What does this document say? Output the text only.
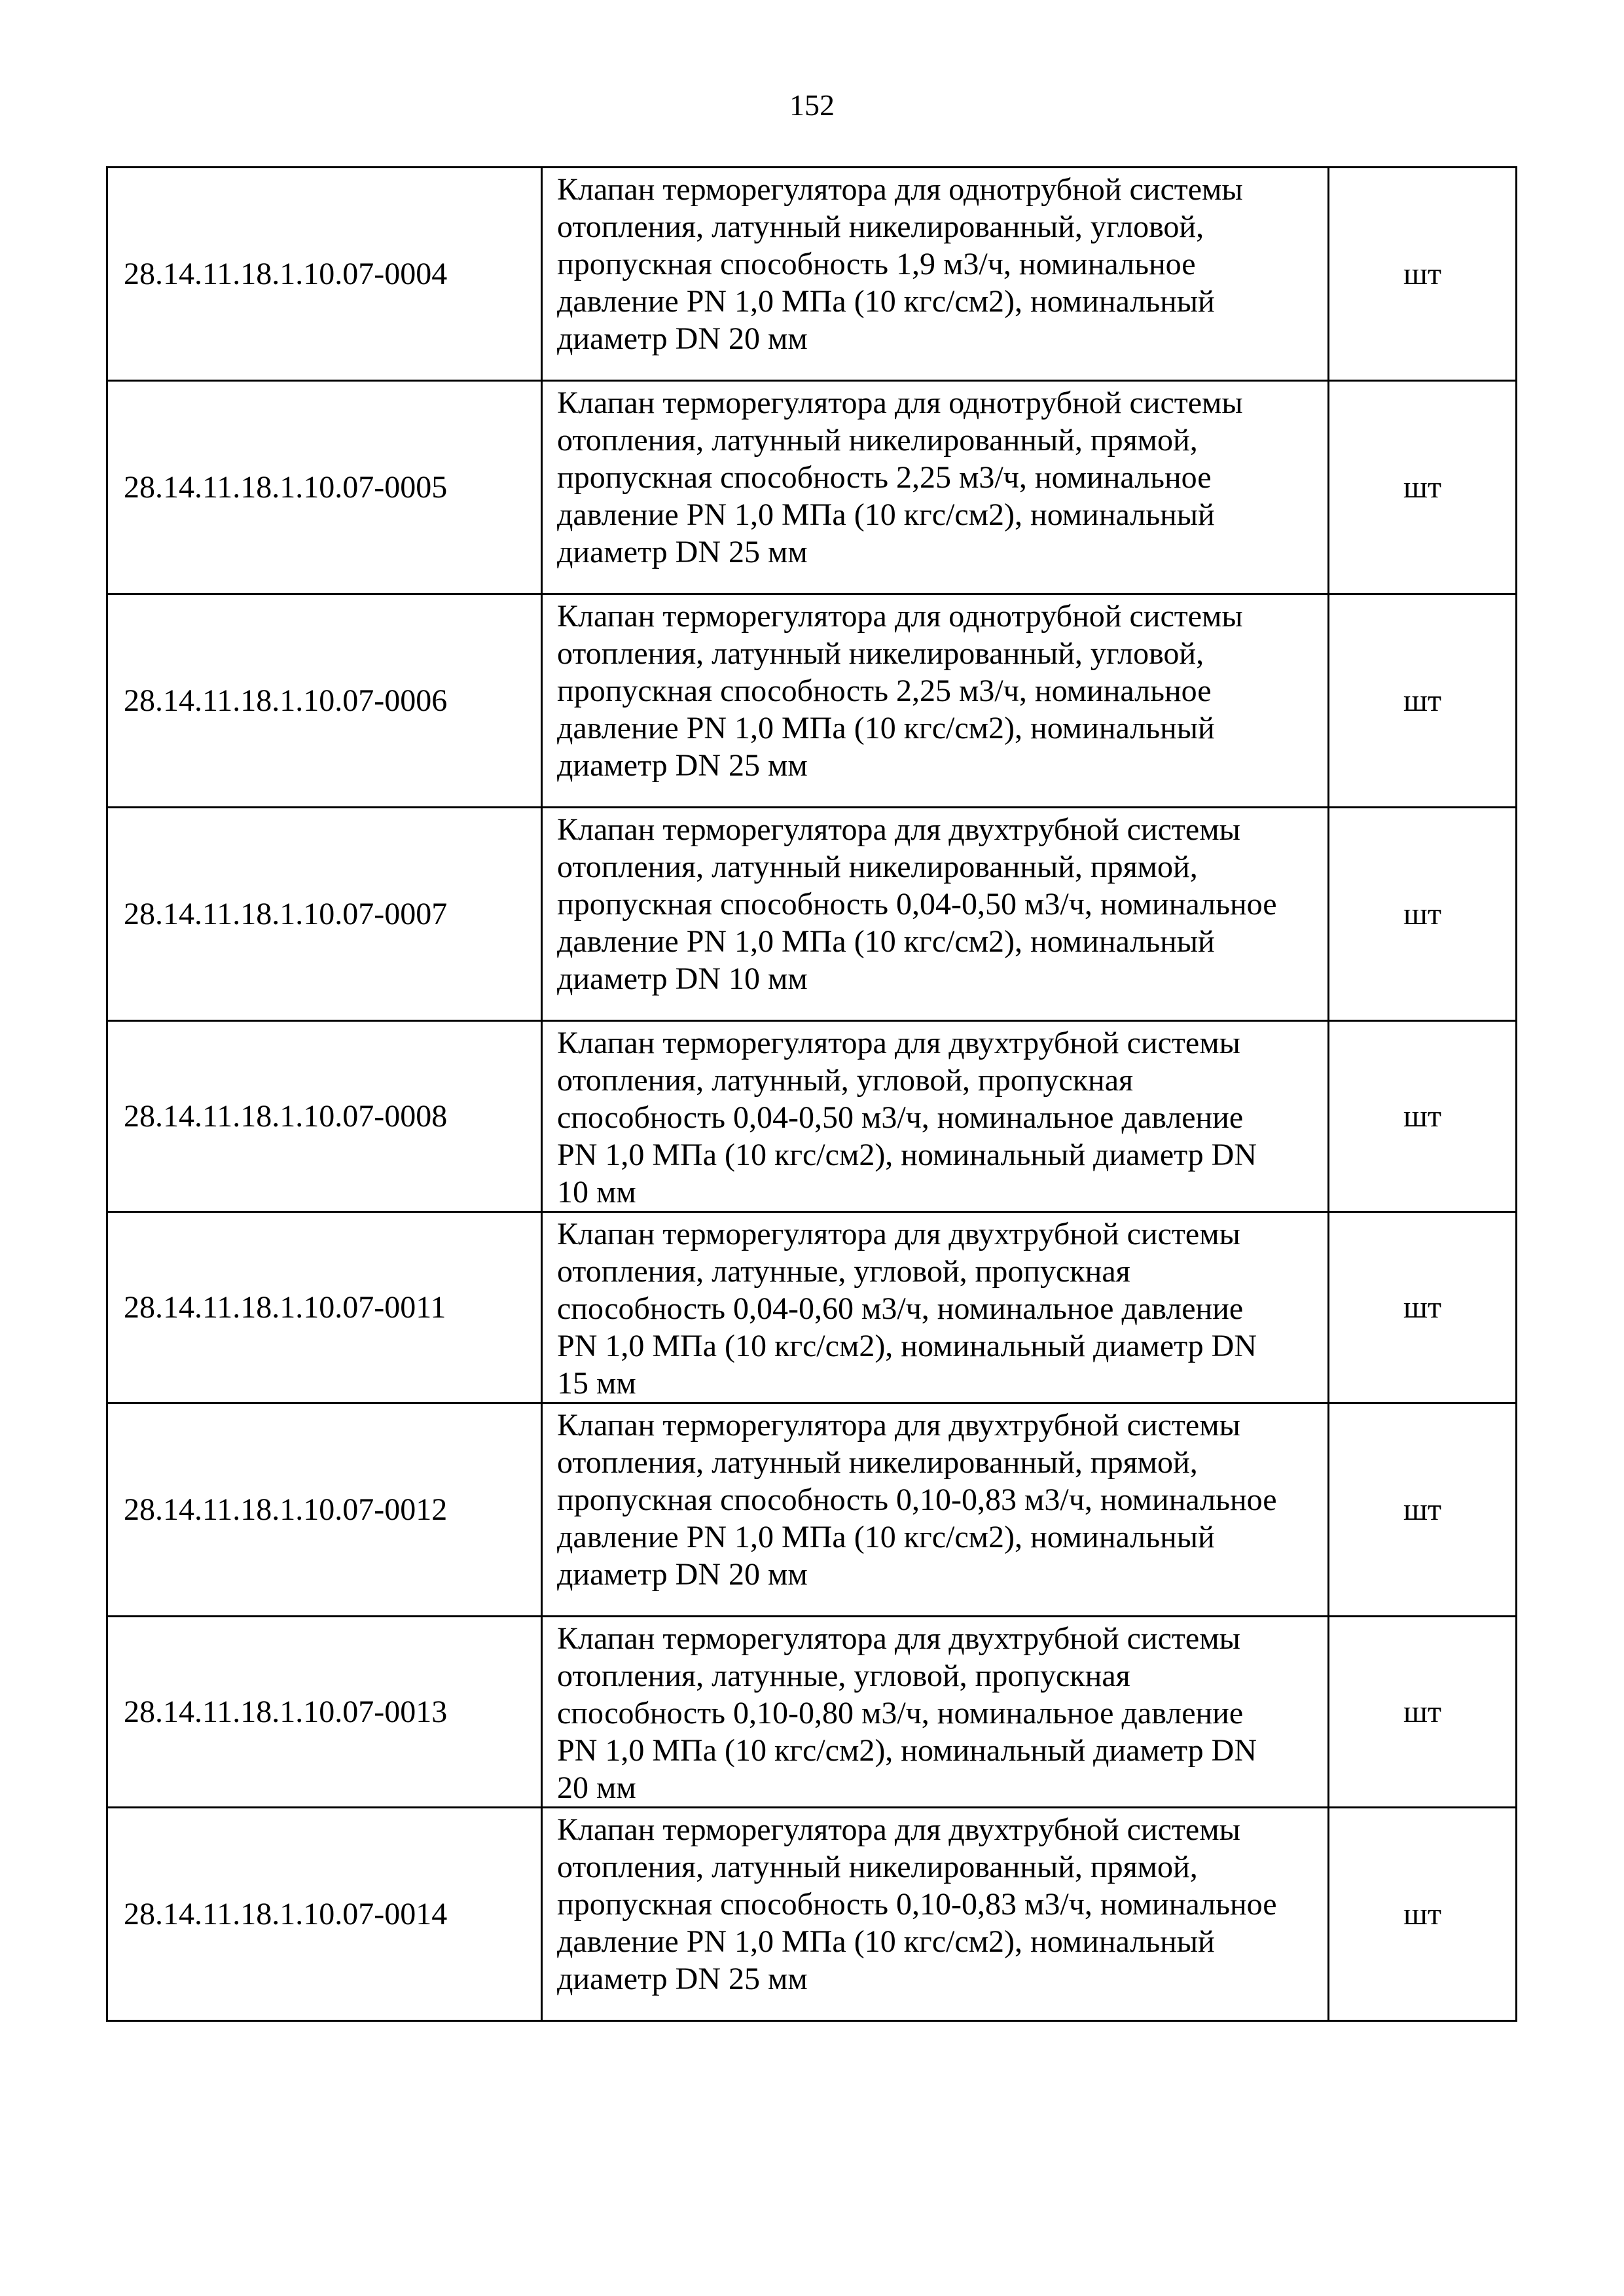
152
28.14.11.18.1.10.07-0004	Клапан терморегулятора для однотрубной системы
отопления, латунный никелированный, угловой,
пропускная способность 1,9 м3/ч, номинальное
давление PN 1,0 МПа (10 кгс/см2), номинальный
диаметр DN 20 мм	шт
28.14.11.18.1.10.07-0005	Клапан терморегулятора для однотрубной системы
отопления, латунный никелированный, прямой,
пропускная способность 2,25 м3/ч, номинальное
давление PN 1,0 МПа (10 кгс/см2), номинальный
диаметр DN 25 мм	шт
28.14.11.18.1.10.07-0006	Клапан терморегулятора для однотрубной системы
отопления, латунный никелированный, угловой,
пропускная способность 2,25 м3/ч, номинальное
давление PN 1,0 МПа (10 кгс/см2), номинальный
диаметр DN 25 мм	шт
28.14.11.18.1.10.07-0007	Клапан терморегулятора для двухтрубной системы
отопления, латунный никелированный, прямой,
пропускная способность 0,04-0,50 м3/ч, номинальное
давление PN 1,0 МПа (10 кгс/см2), номинальный
диаметр DN 10 мм	шт
28.14.11.18.1.10.07-0008	Клапан терморегулятора для двухтрубной системы
отопления, латунный, угловой, пропускная
способность 0,04-0,50 м3/ч, номинальное давление
PN 1,0 МПа (10 кгс/см2), номинальный диаметр DN
10 мм	шт
28.14.11.18.1.10.07-0011	Клапан терморегулятора для двухтрубной системы
отопления, латунные, угловой, пропускная
способность 0,04-0,60 м3/ч, номинальное давление
PN 1,0 МПа (10 кгс/см2), номинальный диаметр DN
15 мм	шт
28.14.11.18.1.10.07-0012	Клапан терморегулятора для двухтрубной системы
отопления, латунный никелированный, прямой,
пропускная способность 0,10-0,83 м3/ч, номинальное
давление PN 1,0 МПа (10 кгс/см2), номинальный
диаметр DN 20 мм	шт
28.14.11.18.1.10.07-0013	Клапан терморегулятора для двухтрубной системы
отопления, латунные, угловой, пропускная
способность 0,10-0,80 м3/ч, номинальное давление
PN 1,0 МПа (10 кгс/см2), номинальный диаметр DN
20 мм	шт
28.14.11.18.1.10.07-0014	Клапан терморегулятора для двухтрубной системы
отопления, латунный никелированный, прямой,
пропускная способность 0,10-0,83 м3/ч, номинальное
давление PN 1,0 МПа (10 кгс/см2), номинальный
диаметр DN 25 мм	шт
